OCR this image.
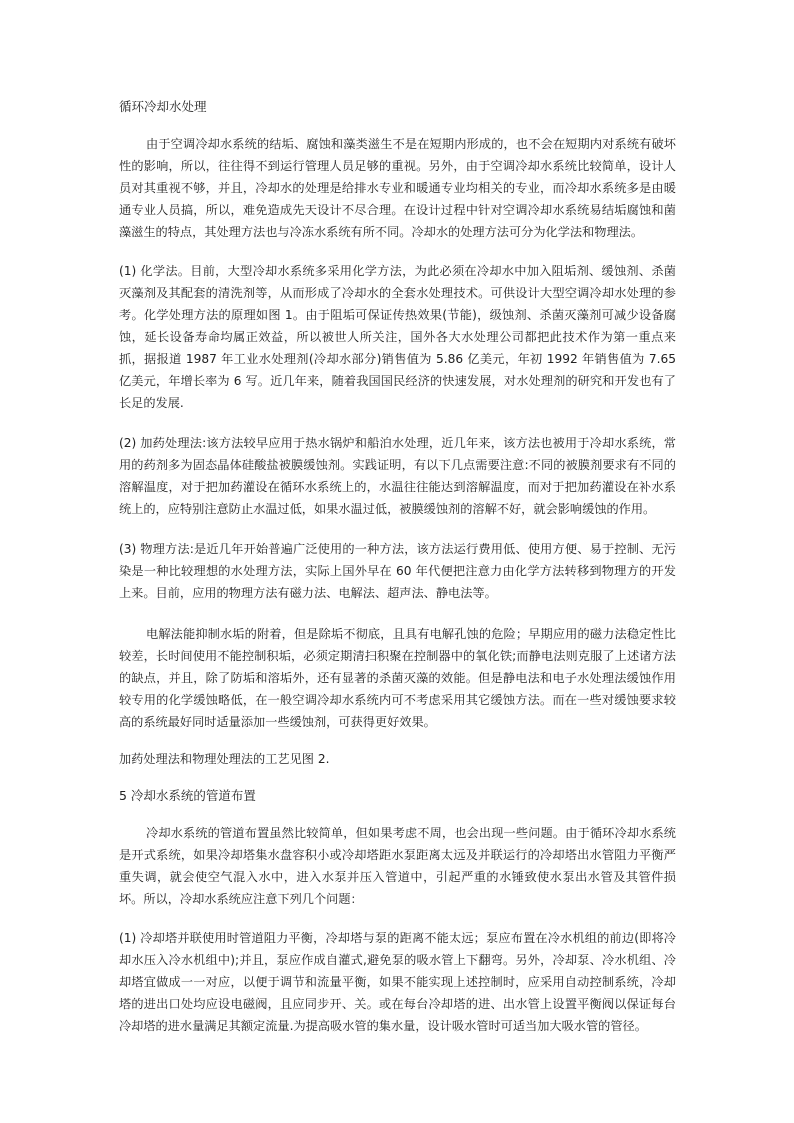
循环冷却水处理

由于空调冷却水系统的结垢、腐蚀和藻类滋生不是在短期内形成的，也不会在短期内对系统有破坏性的影响，所以，往往得不到运行管理人员足够的重视。另外，由于空调冷却水系统比较简单，设计人员对其重视不够，并且，冷却水的处理是给排水专业和暖通专业均相关的专业，而冷却水系统多是由暖通专业人员搞，所以，难免造成先天设计不尽合理。在设计过程中针对空调冷却水系统易结垢腐蚀和菌藻滋生的特点，其处理方法也与冷冻水系统有所不同。冷却水的处理方法可分为化学法和物理法。

(1) 化学法。目前，大型冷却水系统多采用化学方法，为此必须在冷却水中加入阻垢剂、缓蚀剂、杀菌灭藻剂及其配套的清洗剂等，从而形成了冷却水的全套水处理技术。可供设计大型空调冷却水处理的参考。化学处理方法的原理如图 1。由于阻垢可保证传热效果(节能)，级蚀剂、杀菌灭藻剂可减少设备腐蚀，延长设备寿命均属正效益，所以被世人所关注，国外各大水处理公司都把此技术作为第一重点来抓，据报道 1987 年工业水处理剂(冷却水部分)销售值为 5.86 亿美元，年初 1992 年销售值为 7.65 亿美元，年增长率为 6 写。近几年来，随着我国国民经济的快速发展，对水处理剂的研究和开发也有了长足的发展.

(2) 加药处理法:该方法较早应用于热水锅炉和船泊水处理，近几年来，该方法也被用于冷却水系统，常用的药剂多为固态晶体硅酸盐被膜缓蚀剂。实践证明，有以下几点需要注意:不同的被膜剂要求有不同的溶解温度，对于把加药灌设在循环水系统上的，水温往往能达到溶解温度，而对于把加药灌设在补水系统上的，应特别注意防止水温过低，如果水温过低，被膜缓蚀剂的溶解不好，就会影响缓蚀的作用。

(3) 物理方法:是近几年开始普遍广泛使用的一种方法，该方法运行费用低、使用方便、易于控制、无污染是一种比较理想的水处理方法，实际上国外早在 60 年代便把注意力由化学方法转移到物理方的开发上来。目前，应用的物理方法有磁力法、电解法、超声法、静电法等。

电解法能抑制水垢的附着，但是除垢不彻底，且具有电解孔蚀的危险；早期应用的磁力法稳定性比较差，长时间使用不能控制积垢，必须定期清扫积聚在控制器中的氧化铁;而静电法则克服了上述诸方法的缺点，并且，除了防垢和溶垢外，还有显著的杀菌灭藻的效能。但是静电法和电子水处理法缓蚀作用较专用的化学缓蚀略低，在一般空调冷却水系统内可不考虑采用其它缓蚀方法。而在一些对缓蚀要求较高的系统最好同时适量添加一些缓蚀剂，可获得更好效果。

加药处理法和物理处理法的工艺见图 2.

5 冷却水系统的管道布置

冷却水系统的管道布置虽然比较简单，但如果考虑不周，也会出现一些问题。由于循环冷却水系统是开式系统，如果冷却塔集水盘容积小或冷却塔距水泵距离太远及并联运行的冷却塔出水管阻力平衡严重失调，就会使空气混入水中，进入水泵并压入管道中，引起严重的水锤致使水泵出水管及其管件损坏。所以，冷却水系统应注意下列几个问题：

(1) 冷却塔并联使用时管道阻力平衡，冷却塔与泵的距离不能太远；泵应布置在冷水机组的前边(即将冷却水压入冷水机组中);并且，泵应作成自灌式,避免泵的吸水管上下翻弯。另外，冷却泵、冷水机组、冷却塔宜做成一一对应，以便于调节和流量平衡，如果不能实现上述控制时，应采用自动控制系统，冷却塔的进出口处均应设电磁阀，且应同步开、关。或在每台冷却塔的进、出水管上设置平衡阀以保证每台冷却塔的进水量满足其额定流量.为提高吸水管的集水量，设计吸水管时可适当加大吸水管的管径。
